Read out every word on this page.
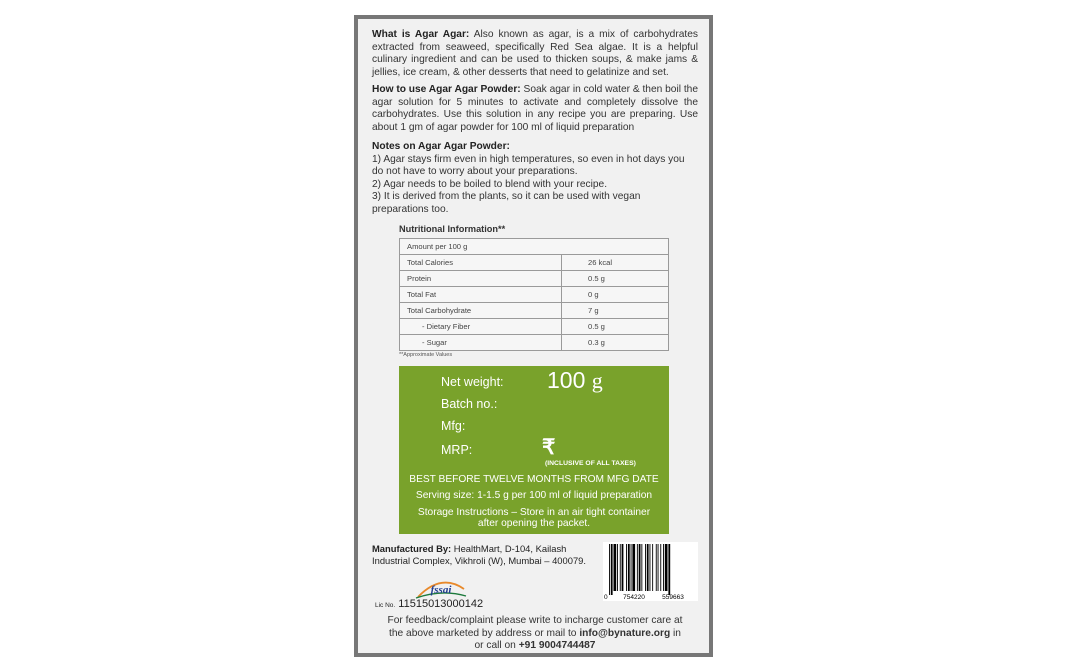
What is Agar Agar: Also known as agar, is a mix of carbohydrates extracted from seaweed, specifically Red Sea algae. It is a helpful culinary ingredient and can be used to thicken soups, & make jams & jellies, ice cream, & other desserts that need to gelatinize and set.

How to use Agar Agar Powder: Soak agar in cold water & then boil the agar solution for 5 minutes to activate and completely dissolve the carbohydrates. Use this solution in any recipe you are preparing. Use about 1 gm of agar powder for 100 ml of liquid preparation

Notes on Agar Agar Powder:
1) Agar stays firm even in high temperatures, so even in hot days you do not have to worry about your preparations.
2) Agar needs to be boiled to blend with your recipe.
3) It is derived from the plants, so it can be used with vegan preparations too.
Nutritional Information**
Amount per 100 g	
Total Calories	26 kcal
Protein	0.5 g
Total Fat	0 g
Total Carbohydrate	7 g
- Dietary Fiber	0.5 g
- Sugar	0.3 g
**Approximate Values
Net weight: 100 g
Batch no.:
Mfg:
MRP:	₹
(INCLUSIVE OF ALL TAXES)
BEST BEFORE TWELVE MONTHS FROM MFG DATE
Serving size: 1-1.5 g per 100 ml of liquid preparation
Storage Instructions – Store in an air tight container
after opening the packet.
Manufactured By: HealthMart, D-104, Kailash Industrial Complex, Vikhroli (W), Mumbai – 400079.
0 754220	559663
fssai
Lic No. 11515013000142
For feedback/complaint please write to incharge customer care at
the above marketed by address or mail to info@bynature.org in
or call on +91 9004744487
